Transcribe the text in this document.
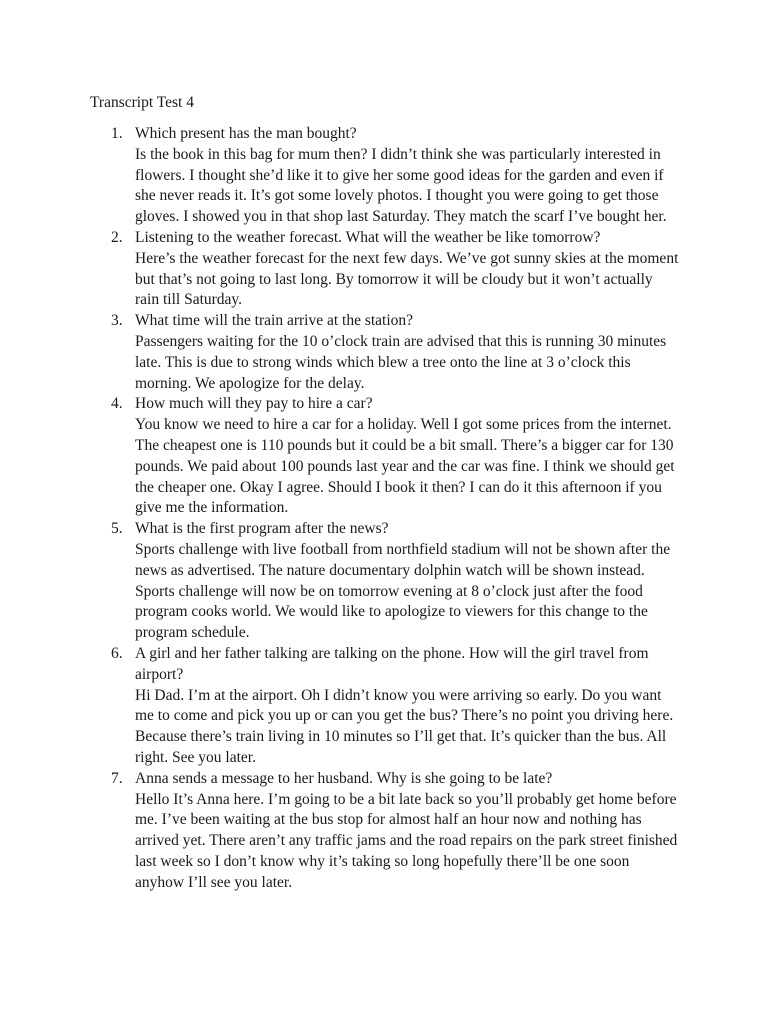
Transcript Test 4
1. Which present has the man bought?
Is the book in this bag for mum then? I didn’t think she was particularly interested in flowers. I thought she’d like it to give her some good ideas for the garden and even if she never reads it. It’s got some lovely photos. I thought you were going to get those gloves. I showed you in that shop last Saturday. They match the scarf I’ve bought her.
2. Listening to the weather forecast. What will the weather be like tomorrow?
Here’s the weather forecast for the next few days. We’ve got sunny skies at the moment but that’s not going to last long. By tomorrow it will be cloudy but it won’t actually rain till Saturday.
3. What time will the train arrive at the station?
Passengers waiting for the 10 o’clock train are advised that this is running 30 minutes late. This is due to strong winds which blew a tree onto the line at 3 o’clock this morning. We apologize for the delay.
4. How much will they pay to hire a car?
You know we need to hire a car for a holiday. Well I got some prices from the internet. The cheapest one is 110 pounds but it could be a bit small. There’s a bigger car for 130 pounds. We paid about 100 pounds last year and the car was fine. I think we should get the cheaper one. Okay I agree. Should I book it then? I can do it this afternoon if you give me the information.
5. What is the first program after the news?
Sports challenge with live football from northfield stadium will not be shown after the news as advertised. The nature documentary dolphin watch will be shown instead. Sports challenge will now be on tomorrow evening at 8 o’clock just after the food program cooks world. We would like to apologize to viewers for this change to the program schedule.
6. A girl and her father talking are talking on the phone. How will the girl travel from airport?
Hi Dad. I’m at the airport. Oh I didn’t know you were arriving so early. Do you want me to come and pick you up or can you get the bus? There’s no point you driving here. Because there’s train living in 10 minutes so I’ll get that. It’s quicker than the bus. All right. See you later.
7. Anna sends a message to her husband. Why is she going to be late?
Hello It’s Anna here. I’m going to be a bit late back so you’ll probably get home before me. I’ve been waiting at the bus stop for almost half an hour now and nothing has arrived yet. There aren’t any traffic jams and the road repairs on the park street finished last week so I don’t know why it’s taking so long hopefully there’ll be one soon anyhow I’ll see you later.
